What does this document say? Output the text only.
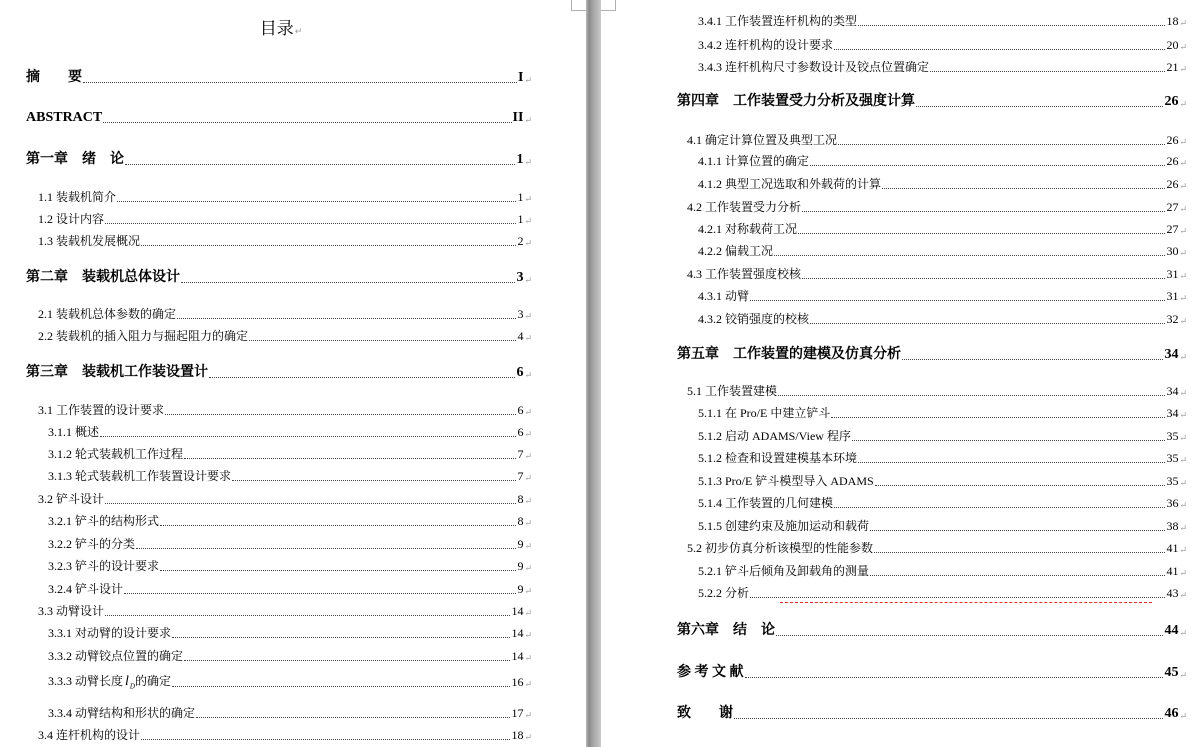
目录↵
摘　　要	I ↵
ABSTRACT	II ↵
第一章　绪　论	1 ↵
1.1 装载机简介	1 ↵
1.2 设计内容	1 ↵
1.3 装载机发展概况	2 ↵
第二章　装载机总体设计	3 ↵
2.1 装载机总体参数的确定	3 ↵
2.2 装载机的插入阻力与掘起阻力的确定	4 ↵
第三章　装载机工作装设置计	6 ↵
3.1 工作装置的设计要求	6 ↵
3.1.1 概述	6 ↵
3.1.2 轮式装载机工作过程	7 ↵
3.1.3 轮式装载机工作装置设计要求	7 ↵
3.2 铲斗设计	8 ↵
3.2.1 铲斗的结构形式	8 ↵
3.2.2 铲斗的分类	9 ↵
3.2.3 铲斗的设计要求	9 ↵
3.2.4 铲斗设计	9 ↵
3.3 动臂设计	14 ↵
3.3.1 对动臂的设计要求	14 ↵
3.3.2 动臂铰点位置的确定	14 ↵
3.3.3 动臂长度 $l_D$的确定	16 ↵
3.3.4 动臂结构和形状的确定	17 ↵
3.4 连杆机构的设计	18 ↵
3.4.1 工作装置连杆机构的类型	18 ↵
3.4.2 连杆机构的设计要求	20 ↵
3.4.3 连杆机构尺寸参数设计及铰点位置确定	21 ↵
第四章　工作装置受力分析及强度计算	26 ↵
4.1 确定计算位置及典型工况	26 ↵
4.1.1 计算位置的确定	26 ↵
4.1.2 典型工况选取和外载荷的计算	26 ↵
4.2 工作装置受力分析	27 ↵
4.2.1 对称载荷工况	27 ↵
4.2.2 偏载工况	30 ↵
4.3 工作装置强度校核	31 ↵
4.3.1 动臂	31 ↵
4.3.2 铰销强度的校核	32 ↵
第五章　工作装置的建模及仿真分析	34 ↵
5.1 工作装置建模	34 ↵
5.1.1 在 Pro/E 中建立铲斗	34 ↵
5.1.2 启动 ADAMS/View 程序	35 ↵
5.1.2 检查和设置建模基本环境	35 ↵
5.1.3 Pro/E 铲斗模型导入 ADAMS	35 ↵
5.1.4 工作装置的几何建模	36 ↵
5.1.5 创建约束及施加运动和载荷	38 ↵
5.2 初步仿真分析该模型的性能参数	41 ↵
5.2.1 铲斗后倾角及卸载角的测量	41 ↵
5.2.2 分析	43 ↵
第六章　结　论	44 ↵
参 考 文 献	45 ↵
致　　谢	46 ↵
